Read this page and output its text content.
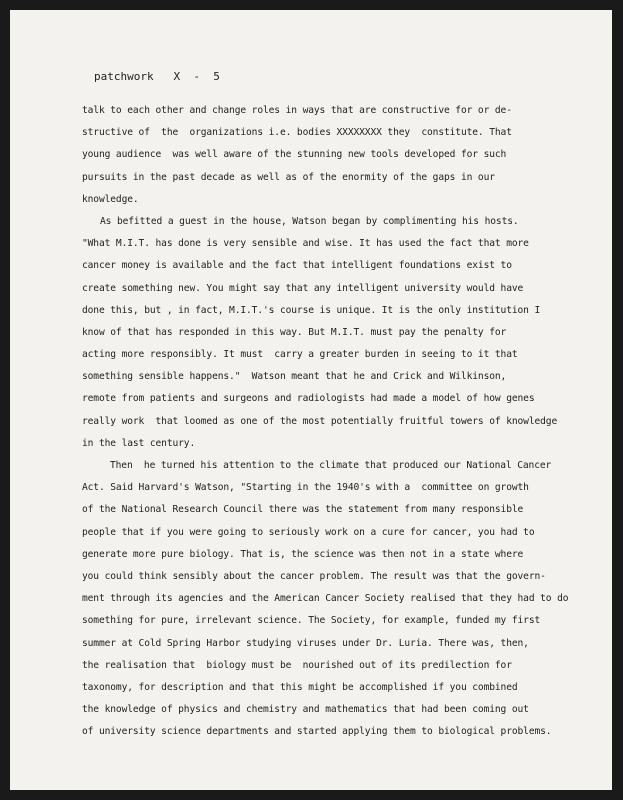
patchwork X - 5
talk to each other and change roles in ways that are constructive for or de-
structive of  the  organizations i.e. bodies XXXXXXXX they  constitute. That
young audience  was well aware of the stunning new tools developed for such
pursuits in the past decade as well as of the enormity of the gaps in our
knowledge.
As befitted a guest in the house, Watson began by complimenting his hosts.
"What M.I.T. has done is very sensible and wise. It has used the fact that more
cancer money is available and the fact that intelligent foundations exist to
create something new. You might say that any intelligent university would have
done this, but , in fact, M.I.T.'s course is unique. It is the only institution I
know of that has responded in this way. But M.I.T. must pay the penalty for
acting more responsibly. It must  carry a greater burden in seeing to it that
something sensible happens."  Watson meant that he and Crick and Wilkinson,
remote from patients and surgeons and radiologists had made a model of how genes
really work  that loomed as one of the most potentially fruitful towers of knowledge
in the last century.
Then  he turned his attention to the climate that produced our National Cancer
Act. Said Harvard's Watson, "Starting in the 1940's with a  committee on growth
of the National Research Council there was the statement from many responsible
people that if you were going to seriously work on a cure for cancer, you had to
generate more pure biology. That is, the science was then not in a state where
you could think sensibly about the cancer problem. The result was that the govern-
ment through its agencies and the American Cancer Society realised that they had to do
something for pure, irrelevant science. The Society, for example, funded my first
summer at Cold Spring Harbor studying viruses under Dr. Luria. There was, then,
the realisation that  biology must be  nourished out of its predilection for
taxonomy, for description and that this might be accomplished if you combined
the knowledge of physics and chemistry and mathematics that had been coming out
of university science departments and started applying them to biological problems.
